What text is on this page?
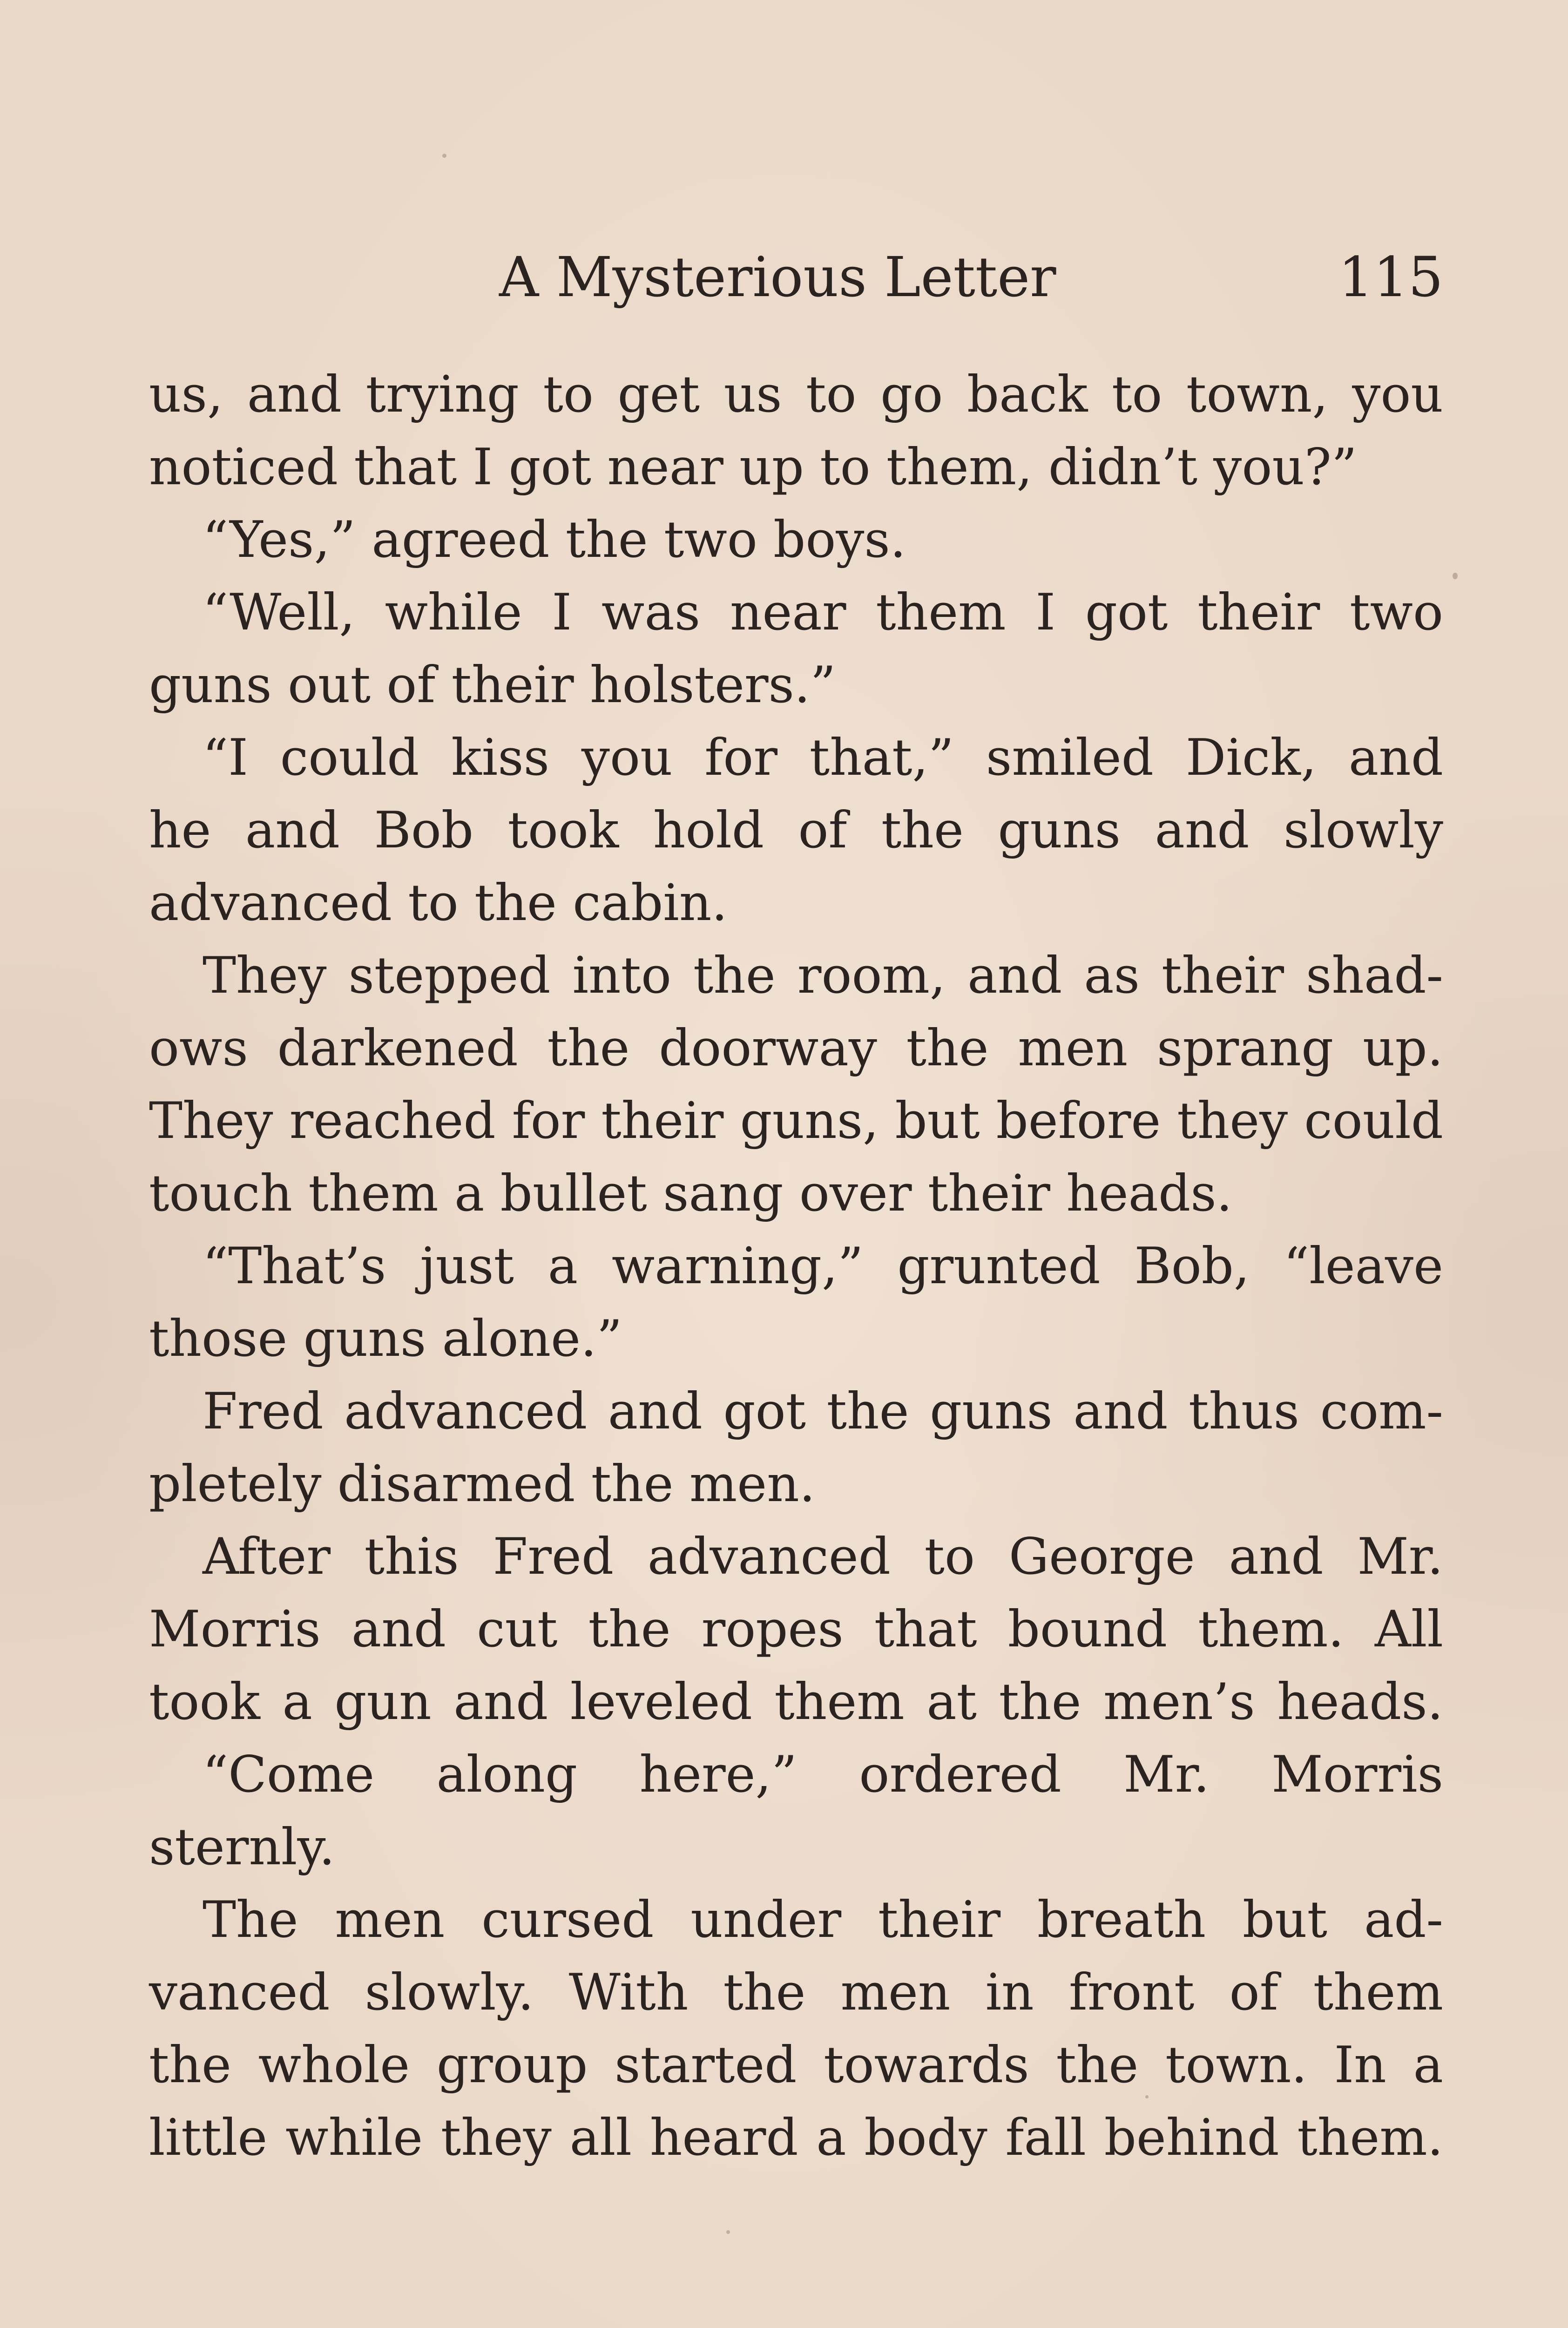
A Mysterious Letter	115
us, and trying to get us to go back to town, you
noticed that I got near up to them, didn’t you?”
“Yes,” agreed the two boys.
“Well, while I was near them I got their two
guns out of their holsters.”
“I could kiss you for that,” smiled Dick, and
he and Bob took hold of the guns and slowly
advanced to the cabin.
They stepped into the room, and as their shad-
ows darkened the doorway the men sprang up.
They reached for their guns, but before they could
touch them a bullet sang over their heads.
“That’s just a warning,” grunted Bob, “leave
those guns alone.”
Fred advanced and got the guns and thus com-
pletely disarmed the men.
After this Fred advanced to George and Mr.
Morris and cut the ropes that bound them. All
took a gun and leveled them at the men’s heads.
“Come along here,” ordered Mr. Morris
sternly.
The men cursed under their breath but ad-
vanced slowly. With the men in front of them
the whole group started towards the town. In a
little while they all heard a body fall behind them.
